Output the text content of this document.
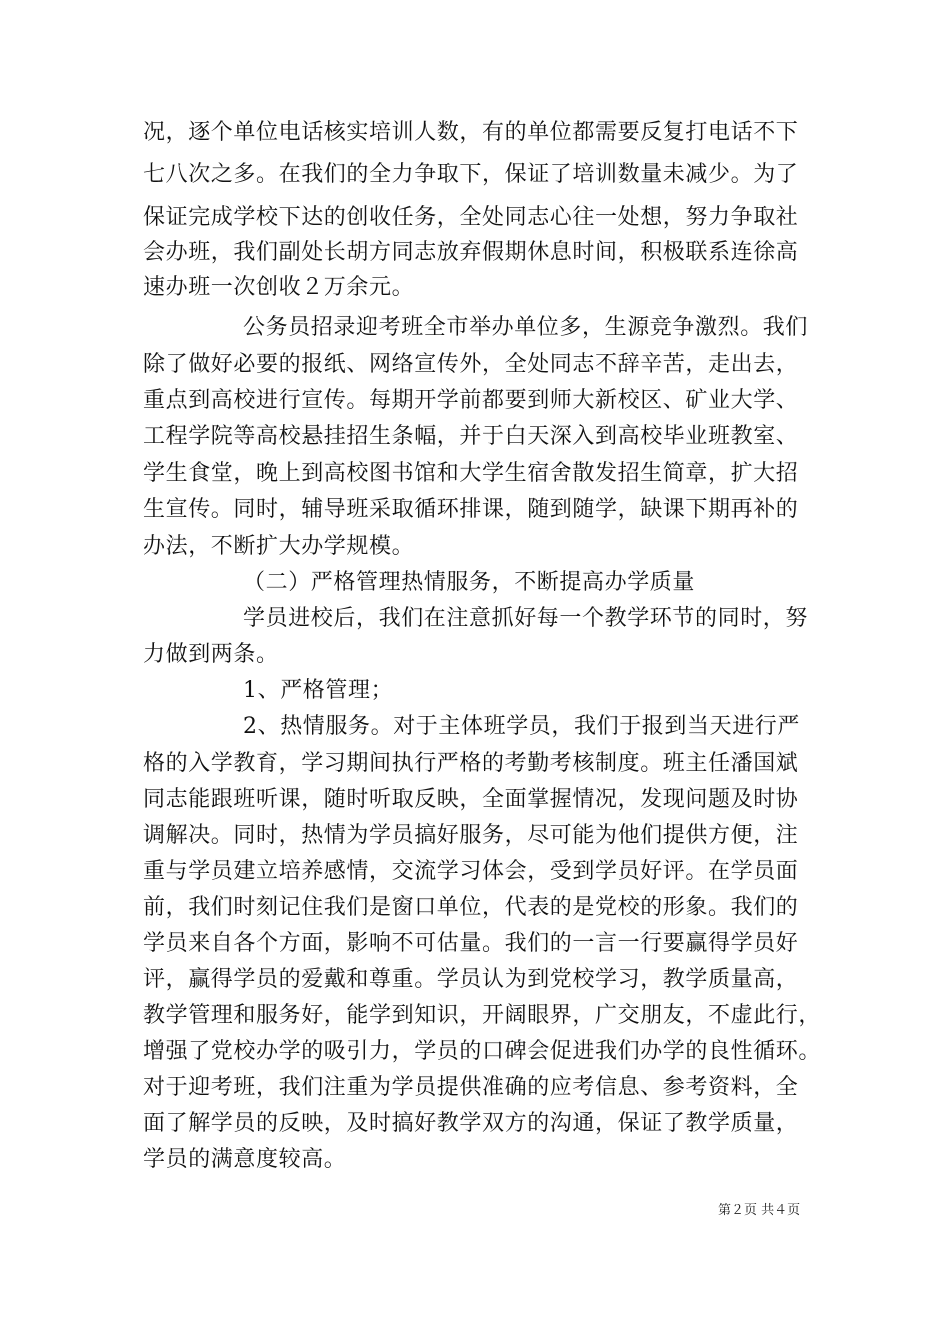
况，逐个单位电话核实培训人数，有的单位都需要反复打电话不下
七八次之多。在我们的全力争取下，保证了培训数量未减少。为了
保证完成学校下达的创收任务，全处同志心往一处想，努力争取社
会办班，我们副处长胡方同志放弃假期休息时间，积极联系连徐高
速办班一次创收２万余元。
公务员招录迎考班全市举办单位多，生源竞争激烈。我们
除了做好必要的报纸、网络宣传外，全处同志不辞辛苦，走出去，
重点到高校进行宣传。每期开学前都要到师大新校区、矿业大学、
工程学院等高校悬挂招生条幅，并于白天深入到高校毕业班教室、
学生食堂，晚上到高校图书馆和大学生宿舍散发招生简章，扩大招
生宣传。同时，辅导班采取循环排课，随到随学，缺课下期再补的
办法，不断扩大办学规模。
（二）严格管理热情服务，不断提高办学质量
学员进校后，我们在注意抓好每一个教学环节的同时，努
力做到两条。
1、严格管理；
2、热情服务。对于主体班学员，我们于报到当天进行严
格的入学教育，学习期间执行严格的考勤考核制度。班主任潘国斌
同志能跟班听课，随时听取反映，全面掌握情况，发现问题及时协
调解决。同时，热情为学员搞好服务，尽可能为他们提供方便，注
重与学员建立培养感情，交流学习体会，受到学员好评。在学员面
前，我们时刻记住我们是窗口单位，代表的是党校的形象。我们的
学员来自各个方面，影响不可估量。我们的一言一行要赢得学员好
评，赢得学员的爱戴和尊重。学员认为到党校学习，教学质量高，
教学管理和服务好，能学到知识，开阔眼界，广交朋友，不虚此行，
增强了党校办学的吸引力，学员的口碑会促进我们办学的良性循环。
对于迎考班，我们注重为学员提供准确的应考信息、参考资料，全
面了解学员的反映，及时搞好教学双方的沟通，保证了教学质量，
学员的满意度较高。
第２页 共４页
